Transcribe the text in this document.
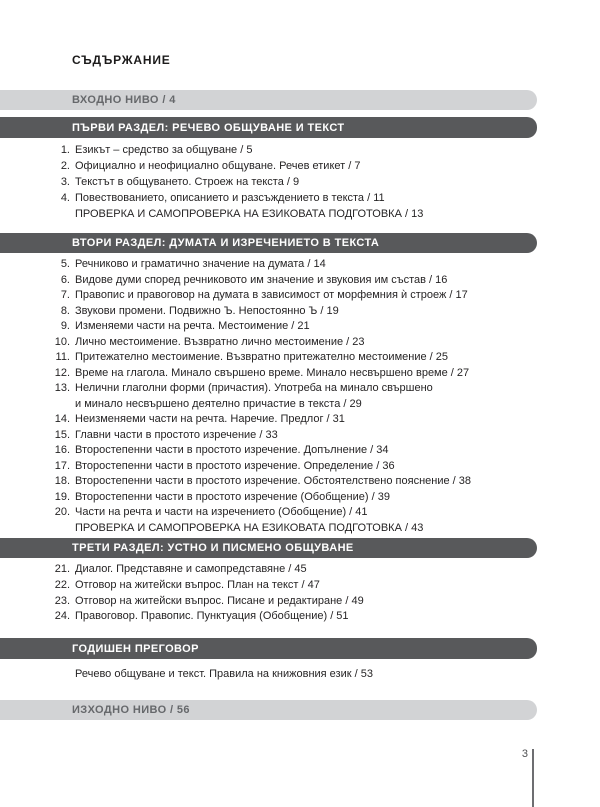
СЪДЪРЖАНИЕ
ВХОДНО НИВО / 4
ПЪРВИ РАЗДЕЛ: РЕЧЕВО ОБЩУВАНЕ И ТЕКСТ
1. Езикът – средство за общуване / 5
2. Официално и неофициално общуване. Речев етикет / 7
3. Текстът в общуването. Строеж на текста / 9
4. Повествованието, описанието и разсъждението в текста / 11
ПРОВЕРКА И САМОПРОВЕРКА НА ЕЗИКОВАТА ПОДГОТОВКА / 13
ВТОРИ РАЗДЕЛ: ДУМАТА И ИЗРЕЧЕНИЕТО В ТЕКСТА
5. Речниково и граматично значение на думата / 14
6. Видове думи според речниковото им значение и звуковия им състав / 16
7. Правопис и правоговор на думата в зависимост от морфемния ѝ строеж / 17
8. Звукови промени. Подвижно Ъ. Непостоянно Ъ / 19
9. Изменяеми части на речта. Местоимение / 21
10. Лично местоимение. Възвратно лично местоимение / 23
11. Притежателно местоимение. Възвратно притежателно местоимение / 25
12. Време на глагола. Минало свършено време. Минало несвършено време / 27
13. Нелични глаголни форми (причастия). Употреба на минало свършено
и минало несвършено деятелно причастие в текста / 29
14. Неизменяеми части на речта. Наречие. Предлог / 31
15. Главни части в простото изречение / 33
16. Второстепенни части в простото изречение. Допълнение / 34
17. Второстепенни части в простото изречение. Определение / 36
18. Второстепенни части в простото изречение. Обстоятелствено пояснение / 38
19. Второстепенни части в простото изречение (Обобщение) / 39
20. Части на речта и части на изречението (Обобщение) / 41
ПРОВЕРКА И САМОПРОВЕРКА НА ЕЗИКОВАТА ПОДГОТОВКА / 43
ТРЕТИ РАЗДЕЛ: УСТНО И ПИСМЕНО ОБЩУВАНЕ
21. Диалог. Представяне и самопредставяне / 45
22. Отговор на житейски въпрос. План на текст / 47
23. Отговор на житейски въпрос. Писане и редактиране / 49
24. Правоговор. Правопис. Пунктуация (Обобщение) / 51
ГОДИШЕН ПРЕГОВОР
Речево общуване и текст. Правила на книжовния език / 53
ИЗХОДНО НИВО / 56
3
